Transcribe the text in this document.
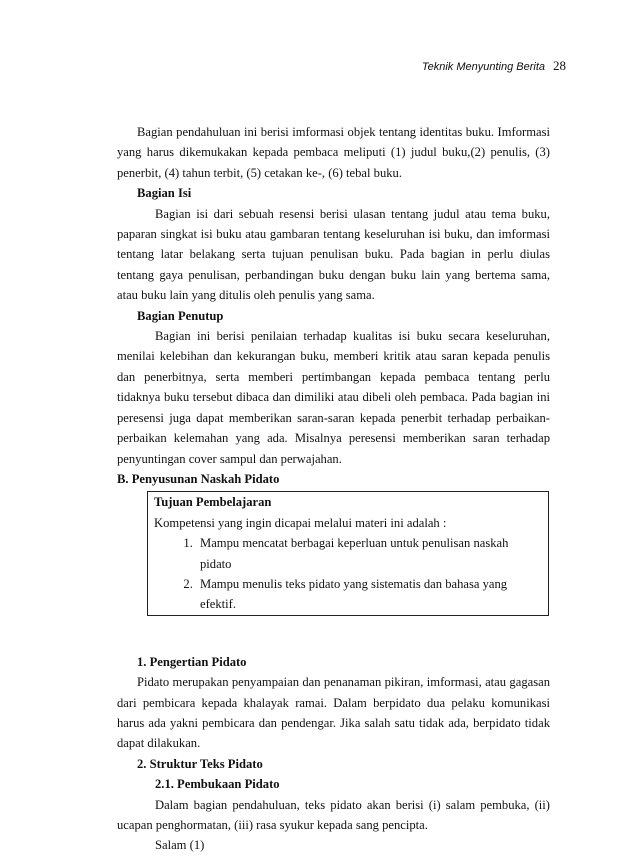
Teknik Menyunting Berita 28

Bagian pendahuluan ini berisi imformasi objek tentang identitas buku. Imformasi yang harus dikemukakan kepada pembaca meliputi (1) judul buku,(2) penulis, (3) penerbit, (4) tahun terbit, (5) cetakan ke-, (6) tebal buku.

Bagian Isi

Bagian isi dari sebuah resensi berisi ulasan tentang judul atau tema buku, paparan singkat isi buku atau gambaran tentang keseluruhan isi buku, dan imformasi tentang latar belakang serta tujuan penulisan buku. Pada bagian in perlu diulas tentang gaya penulisan, perbandingan buku dengan buku lain yang bertema sama, atau buku lain yang ditulis oleh penulis yang sama.

Bagian Penutup

Bagian ini berisi penilaian terhadap kualitas isi buku secara keseluruhan, menilai kelebihan dan kekurangan buku, memberi kritik atau saran kepada penulis dan penerbitnya, serta memberi pertimbangan kepada pembaca tentang perlu tidaknya buku tersebut dibaca dan dimiliki atau dibeli oleh pembaca. Pada bagian ini peresensi juga dapat memberikan saran-saran kepada penerbit terhadap perbaikan-perbaikan kelemahan yang ada. Misalnya peresensi memberikan saran terhadap penyuntingan cover sampul dan perwajahan.

B. Penyusunan Naskah Pidato

Tujuan Pembelajaran
Kompetensi yang ingin dicapai melalui materi ini adalah :
1. Mampu mencatat berbagai keperluan untuk penulisan naskah pidato
2. Mampu menulis teks pidato yang sistematis dan bahasa yang efektif.

1. Pengertian Pidato

Pidato merupakan penyampaian dan penanaman pikiran, imformasi, atau gagasan dari pembicara kepada khalayak ramai. Dalam berpidato dua pelaku komunikasi harus ada yakni pembicara dan pendengar. Jika salah satu tidak ada, berpidato tidak dapat dilakukan.

2. Struktur Teks Pidato

2.1. Pembukaan Pidato

Dalam bagian pendahuluan, teks pidato akan berisi (i) salam pembuka, (ii) ucapan penghormatan, (iii) rasa syukur kepada sang pencipta.

Salam (1)
